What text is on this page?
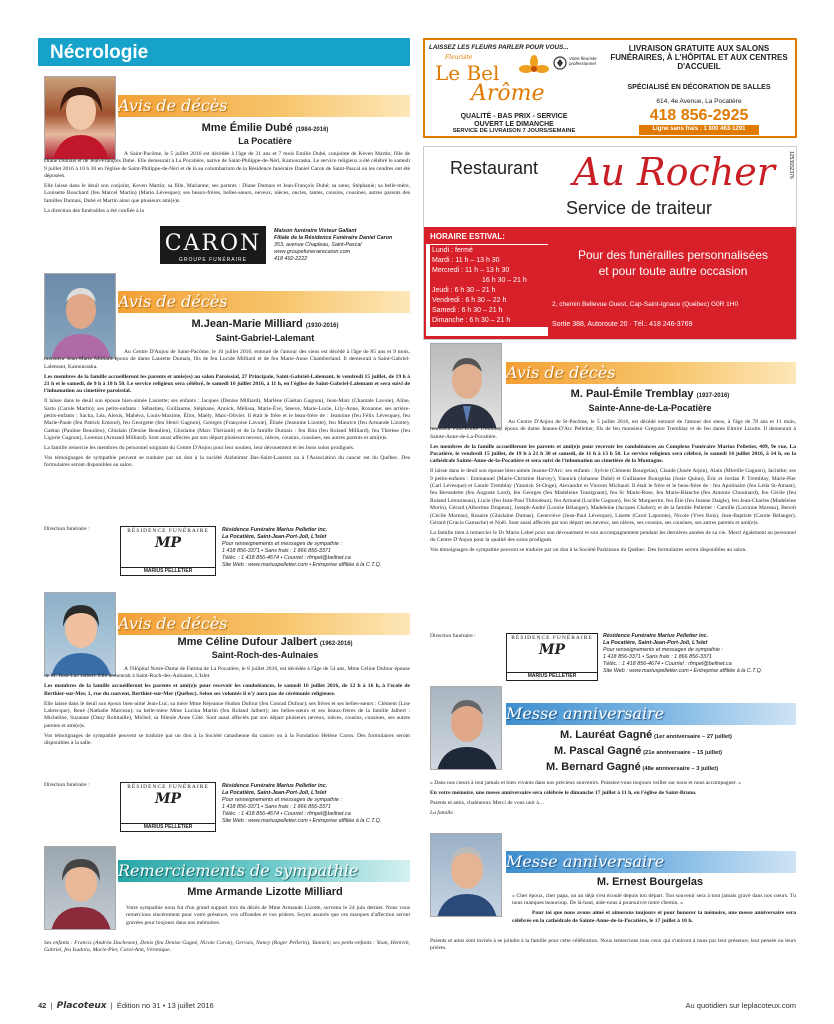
Nécrologie
Avis de décès
Mme Émilie Dubé (1984-2016)
La Pocatière

À Saint-Pacôme, le 5 juillet 2016 est décédée à l'âge de 31 ans et 7 mois Émilie Dubé, conjointe de Keven Martin; fille de Diane Dumais et de Jean-François Dubé. Elle demeurait à La Pocatière, native de Saint-Philippe-de-Néri, Kamouraska. Le service religieux a été célébré le samedi 9 juillet 2016 à 10 h 30 en l'église de Saint-Philippe-de-Néri et de là au columbarium de la Résidence funéraire Daniel Caron de Saint-Pascal où les cendres ont été déposées.

Elle laisse dans le deuil son conjoint, Keven Martin; sa fille, Marianne; ses parents : Diane Dumais et Jean-François Dubé; sa sœur, Stéphanie; sa belle-mère, Louisette Bouchard (feu Marcel Martin) (Mario Lévesque); ses beaux-frères, belles-sœurs, neveux, nièces, oncles, tantes, cousins, cousines, autres parents des familles Dumais, Dubé et Martin ainsi que plusieurs ami(e)s.

La direction des funérailles a été confiée à la

CARON
GROUPE FUNÉRAIRE
Maison funéraire Visteur Gallant
Filiale de la Résidence Funéraire Daniel Caron
353, avenue Chapleau, Saint-Pascal
www.groupefunerairecaron.com
418 492-2222
Avis de décès
M.Jean-Marie Milliard (1930-2016)
Saint-Gabriel-Lalemant

Au Centre D'Anjou de Saint-Pacôme, le 10 juillet 2016, entouré de l'amour des siens est décédé à l'âge de 85 ans et 9 mois, monsieur Jean-Marie Milliard époux de dame Laurette Dumais, fils de feu Lucide Milliard et de feu Marie-Anne Chamberland. Il demeurait à Saint-Gabriel-Lalemant, Kamouraska.

Les membres de la famille accueilleront les parents et amis(es) au salon Paroissial, 27 Principale, Saint-Gabriel-Lalemant, le vendredi 15 juillet, de 19 h à 21 h et le samedi, de 9 h à 10 h 50. Le service religieux sera célébré, le samedi 16 juillet 2016, à 11 h, en l'église de Saint-Gabriel-Lalemant et sera suivi de l'inhumation au cimetière paroissial.

Il laisse dans le deuil son épouse bien-aimée Laurette; ses enfants : Jacques (Denise Milliard), Marlène (Gaétan Gagnon), Jean-Marc (Chantale Lavoie), Aline, Sarto (Carole Martin); ses petits-enfants : Sébastien, Guillaume, Stéphane, Annick, Mélissa, Marie-Ève, Steeve, Marie-Lucie, Lily-Anne, Roxanne; ses arrière-petits-enfants : Sacha, Léa, Alexis, Mahéva, Louis-Maxime, Éliot, Maëly, Marc-Olivier. Il était le frère et le beau-frère de : Jeannine (feu Félix Lévesque), feu Marie-Paule (feu Patrick Emond), feu Georgette (feu Henri Gagnon), Georges (Françoise Lavoie), Élisée (Jeannine Lizotte), feu Maurice (feu Armande Lizotte), Gaétan (Pauline Beaulieu), Ghislain (Denise Beaulieu), Ghislaine (Marc Thériault) et de la famille Dumais : feu Rita (feu Roland Milliard), feu Thérèse (feu Ligorie Gagnon), Lorenza (Armand Milliard). Sont aussi affectés par son départ plusieurs neveux, nièces, cousins, cousines, ses autres parents et ami(e)s.

La famille remercie les membres du personnel soignant du Centre D'Anjou pour leur soutien, leur dévouement et les bons soins prodigués.

Vos témoignages de sympathie peuvent se traduire par un don à la société Alzheimer Bas-Saint-Laurent ou à l'Association du cancer est du Québec. Des formulaires seront disponibles au salon.

Direction funéraire :	RÉSIDENCE FUNÉRAIRE
MP
MARIUS PELLETIER
Résidence Funéraire Marius Pelletier inc.
La Pocatière, Saint-Jean-Port-Joli, L'Islet
Pour renseignements et messages de sympathie :
1 418 856-3371 • Sans frais : 1 866 856-3371
Téléc. : 1 418 856-4674 • Courriel : rfmpel@bellnet.ca
Site Web : www.mariuspelletier.com • Entreprise affiliée à la C.T.Q.
Avis de décès
Mme Céline Dufour Jalbert (1962-2016)
Saint-Roch-des-Aulnaies

À l'Hôpital Notre-Dame de Fatima de La Pocatière, le 8 juillet 2016, est décédée à l'âge de 54 ans, Mme Céline Dufour épouse de M. Jean-Luc Jalbert. Elle demeurait à Saint-Roch-des-Aulnaies, L'Islet.

Les membres de la famille accueilleront les parents et ami(e)s pour recevoir les condoléances, le samedi 16 juillet 2016, de 12 h à 16 h, à l'école de Berthier-sur-Mer, 1, rue du couvent, Berthier-sur-Mer (Québec). Selon ses volontés il n'y aura pas de cérémonie religieuse.

Elle laisse dans le deuil son époux bien-aimé Jean-Luc; sa mère Mme Réjeanne Hudon Dufour (feu Conrad Dufour); ses frères et ses belles-sœurs : Clément (Lise Labrecque), René (Nathalie Marceau); sa belle-mère Mme Lucina Martin (feu Roland Jalbert); ses belles-sœurs et ses beaux-frères de la famille Jalbert : Micheline, Suzanne (Dany Robitaille), Michel; sa filleule Anne Côté. Sont aussi affectés par son départ plusieurs neveux, nièces, cousins, cousines, ses autres parents et ami(e)s.

Vos témoignages de sympathie peuvent se traduire par un don à la Société canadienne du cancer ou à la Fondation Hélène Caron. Des formulaires seront disponibles à la salle.

Direction funéraire :	RÉSIDENCE FUNÉRAIRE
MP
MARIUS PELLETIER
Résidence Funéraire Marius Pelletier inc.
La Pocatière, Saint-Jean-Port-Joli, L'Islet
Pour renseignements et messages de sympathie :
1 418 856-3371 • Sans frais : 1 866 856-3371
Téléc. : 1 418 856-4674 • Courriel : rfmpel@bellnet.ca
Site Web : www.mariuspelletier.com • Entreprise affiliée à la C.T.Q.
Remerciements de sympathie
Mme Armande Lizotte Milliard

Votre sympathie nous fut d'un grand support lors du décès de Mme Armande Lizotte, survenu le 24 juin dernier. Nous vous remercions sincèrement pour votre présence, vos offrandes et vos prières. Soyez assurés que ces marques d'affection seront gravées pour toujours dans nos mémoires.

Ses enfants : Francis (Andréa Duchesne), Denis (feu Denise Gagné, Nicole Caron), Gervais, Nancy (Roger Pellerin), Yannick; ses petits-enfants : Yoan, Henrick, Gabriel, feu Isadora, Marie-Pier, Carol-Ann, Véronique.

LAISSEZ LES FLEURS PARLER POUR VOUS...
Fleuriste
Le Bel
Arôme
Votre fleuriste professionnel
QUALITÉ - BAS PRIX - SERVICE
OUVERT LE DIMANCHE
SERVICE DE LIVRAISON 7 JOURS/SEMAINE
LIVRAISON GRATUITE AUX SALONS FUNÉRAIRES, À L'HÔPITAL ET AUX CENTRES D'ACCUEIL
SPÉCIALISÉ EN DÉCORATION DE SALLES
614, 4e Avenue, La Pocatière
418 856-2925
Ligne sans frais : 1 800 463-1291
Restaurant Au Rocher
Service de traiteur
1253932376
HORAIRE ESTIVAL:
Lundi : fermé
Mardi : 11 h – 13 h 30
Mercredi : 11 h – 13 h 30
16 h 30 – 21 h
Jeudi : 6 h 30 – 21 h
Vendredi : 6 h 30 – 22 h
Samedi : 6 h 30 – 21 h
Dimanche : 6 h 30 – 21 h
Pour des funérailles personnalisées
et pour toute autre occasion
2, chemin Bellevue Ouest, Cap-Saint-Ignace (Québec) G0R 1H0
Sortie 388, Autoroute 20 · Tél.: 418 246-3769
Avis de décès
M. Paul-Émile Tremblay (1937-2016)
Sainte-Anne-de-La-Pocatière

Au Centre D'Anjou de St-Pacôme, le 5 juillet 2016, est décédé entouré de l'amour des siens, à l'âge de 78 ans et 11 mois, monsieur Paul-Émile Tremblay, époux de dame Jeanne-D'Arc Pelletier, fils de feu monsieur Grégoire Tremblay et de feu dame Elmire Lizotte. Il demeurait à Sainte-Anne-de-La-Pocatière.

Les membres de la famille accueilleront les parents et ami(e)s pour recevoir les condoléances au Complexe Funéraire Marius Pelletier, 409, 9e rue, La Pocatière, le vendredi 15 juillet, de 19 h à 21 h 30 et samedi, de 11 h à 13 h 50. Le service religieux sera célébré, le samedi 16 juillet 2016, à 14 h, en la cathédrale Sainte-Anne-de-la-Pocatière et sera suivi de l'inhumation au cimetière de la Montagne.

Il laisse dans le deuil son épouse bien-aimée Jeanne-D'Arc; ses enfants : Sylvie (Clément Bourgelas), Claude (Josée Arpin), Alain (Mireille Gagnon), Jacinthe; ses 9 petits-enfants : Emmanuel (Marie-Christine Harvey), Yannick (Johanne Dubé) et Guillaume Bourgelas (Josie Quinn), Éric et Jordan P. Tremblay, Marie-Pier (Carl Lévesque) et Laurie Tremblay (Yannick St-Onge), Alexandre et Vincent Michaud. Il était le frère et le beau-frère de : feu Apolinaire (feu Léda St-Amant), feu Bernadette (feu Auguste Lord), feu Georges (feu Madeleine Tousignant), feu Sr Marie-Rose, feu Marie-Blanche (feu Antonio Chouinard), feu Cécile (feu Roland Létourneau), Lucie (feu Jean-Paul Thibodeau), feu Armand (Lucille Gagnon), feu Sr Marguerite, feu Élie (feu Jeanne Daigle), feu Jean-Charles (Madeleine Morin), Gérard (Albertine Drapeau), Joseph-André (Louise Bélanger), Madeleine (Jacques Chabot); et de la famille Pelletier : Camille (Lorraine Moreau), Benoît (Cécile Moreau), Rosaire (Ghislaine Dumas), Geneviève (Jean-Paul Lévesque), Lisette (Carol Lapointe), Nicole (Yves Bois), Jean-Baptiste (Carole Bélanger), Gérard (Gracia Gamache) et Noël. Sont aussi affectés par son départ ses neveux, ses nièces, ses cousins, ses cousines, ses autres parents et ami(e)s.

La famille tient à remercier le Dr Mario Lebel pour son dévouement et son accompagnement pendant les dernières années de sa vie. Merci également au personnel du Centre D'Anjou pour la qualité des soins prodigués.

Vos témoignages de sympathie peuvent se traduire par un don à la Société Parkinson du Québec. Des formulaires seront disponibles au salon.

Direction funéraire :	RÉSIDENCE FUNÉRAIRE
MP
MARIUS PELLETIER
Résidence Funéraire Marius Pelletier inc.
La Pocatière, Saint-Jean-Port-Joli, L'Islet
Pour renseignements et messages de sympathie :
1 418 856-3371 • Sans frais : 1 866 856-3371
Téléc. : 1 418 856-4674 • Courriel : rfmpel@bellnet.ca
Site Web : www.mariuspelletier.com • Entreprise affiliée à la C.T.Q.
Messe anniversaire
M. Lauréat Gagné (1er anniversaire – 27 juillet)
M. Pascal Gagné (21e anniversaire – 15 juillet)
M. Bernard Gagné (48e anniversaire – 3 juillet)

« Dans nos cœurs à tout jamais et bien vivants dans nos précieux souvenirs. Puissiez-vous toujours veiller sur nous et nous accompagner. »

En votre mémoire, une messe anniversaire sera célébrée le dimanche 17 juillet à 11 h, en l'église de Saint-Bruno.

Parents et amis, chaleureux Merci de vous unir à…

La famille.

Messe anniversaire
M. Ernest Bourgelas

« Cher époux, cher papa, un an déjà s'est écoulé depuis ton départ. Ton souvenir sera à tout jamais gravé dans nos cœurs. Tu nous manques beaucoup. De là-haut, aide-nous à poursuivre notre chemin. »

Pour toi que nous avons aimé et aimerons toujours et pour honorer ta mémoire, une messe anniversaire sera célébrée en la cathédrale de Sainte-Anne-de-la-Pocatière, le 17 juillet à 10 h.

Parents et amis sont invités à se joindre à la famille pour cette célébration. Nous remercions tous ceux qui s'uniront à nous par leur présence, leur pensée ou leurs prières.

42  |  Placoteux  |  Édition no 31 • 13 juillet 2016	Au quotidien sur leplacoteux.com
